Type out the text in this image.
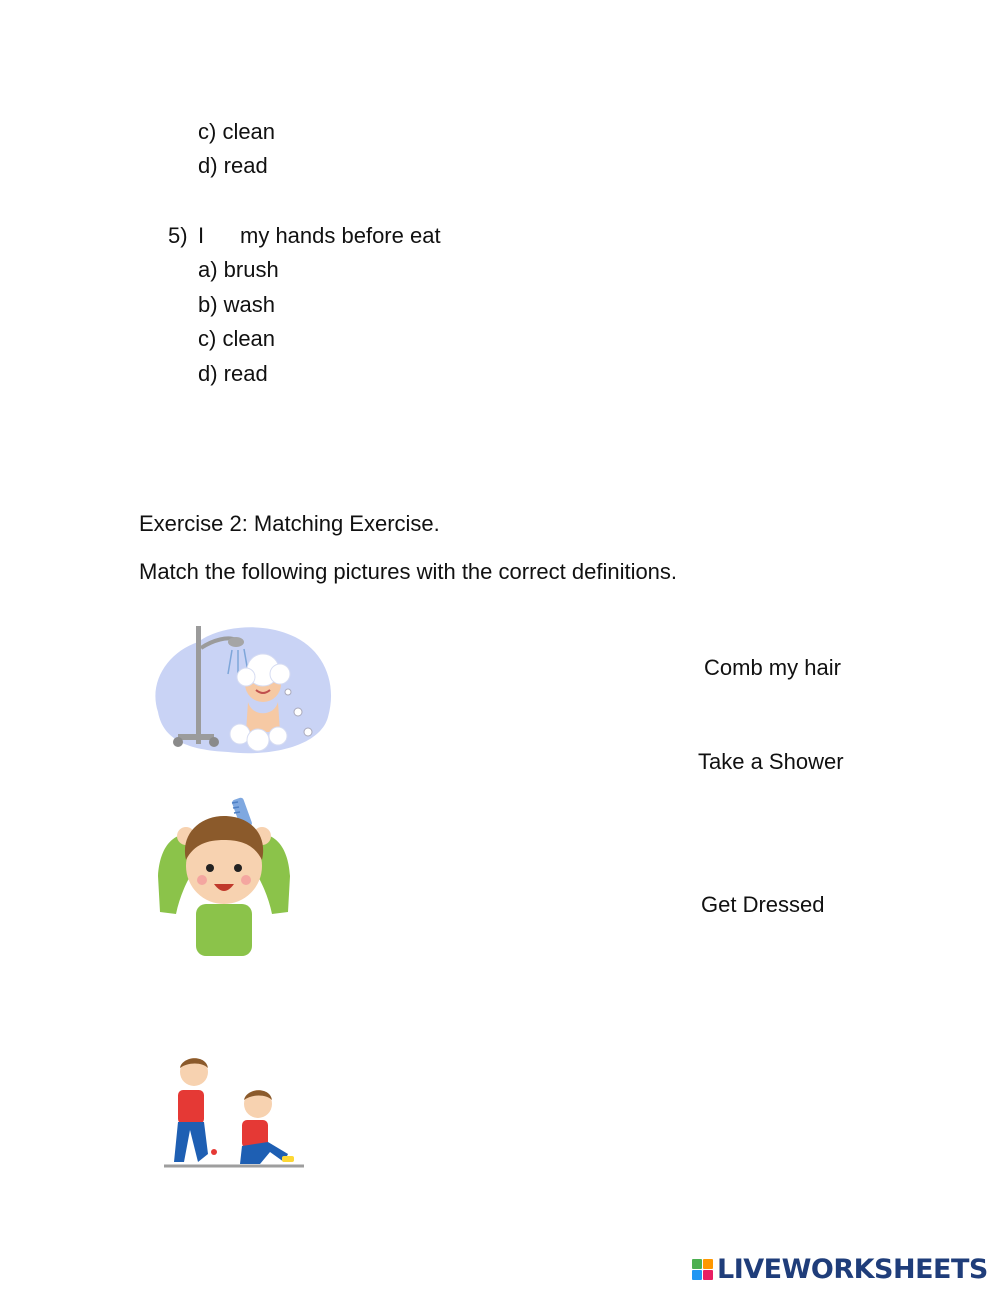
c) clean
d) read
5) I my hands before eat
a) brush
b) wash
c) clean
d) read
Exercise 2: Matching Exercise.
Match the following pictures with the correct definitions.
Comb my hair
Take a Shower
Get Dressed
LIVEWORKSHEETS
